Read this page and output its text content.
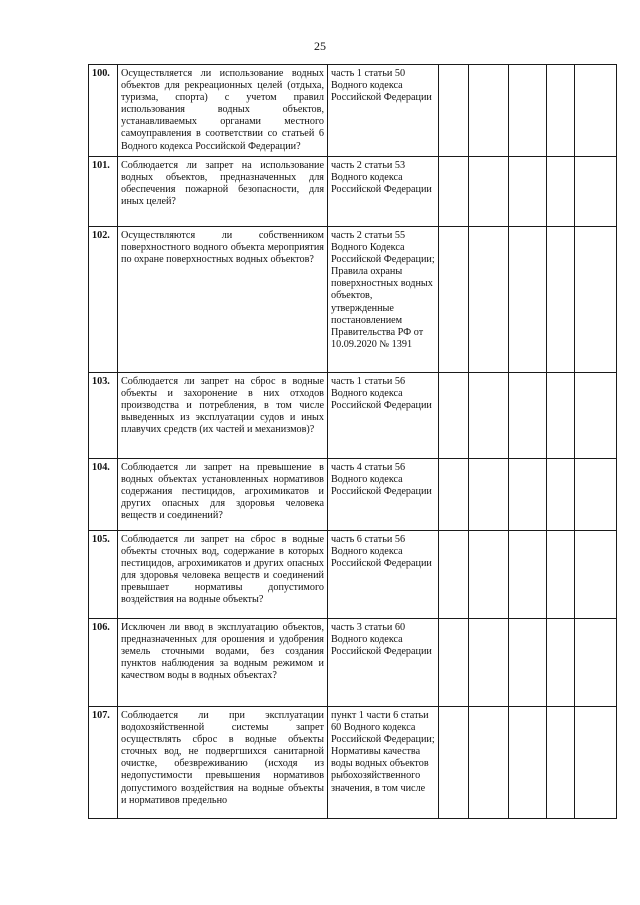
25
100.	Осуществляется ли использование водных объектов для рекреационных целей (отдыха, туризма, спорта) с учетом правил использования водных объектов, устанавливаемых органами местного самоуправления в соответствии со статьей 6 Водного кодекса Российской Федерации?	часть 1 статьи 50 Водного кодекса Российской Федерации					

101.	Соблюдается ли запрет на использование водных объектов, предназначенных для обеспечения пожарной безопасности, для иных целей?	часть 2 статьи 53 Водного кодекса Российской Федерации					

102.	Осуществляются ли собственником поверхностного водного объекта мероприятия по охране поверхностных водных объектов?	часть 2 статьи 55 Водного Кодекса Российской Федерации;
Правила охраны поверхностных водных объектов, утвержденные постановлением Правительства РФ от 10.09.2020 № 1391					

103.	Соблюдается ли запрет на сброс в водные объекты и захоронение в них отходов производства и потребления, в том числе выведенных из эксплуатации судов и иных плавучих средств (их частей и механизмов)?	часть 1 статьи 56 Водного кодекса Российской Федерации					

104.	Соблюдается ли запрет на превышение в водных объектах установленных нормативов содержания пестицидов, агрохимикатов и других опасных для здоровья человека веществ и соединений?	часть 4 статьи 56 Водного кодекса Российской Федерации					

105.	Соблюдается ли запрет на сброс в водные объекты сточных вод, содержание в которых пестицидов, агрохимикатов и других опасных для здоровья человека веществ и соединений превышает нормативы допустимого воздействия на водные объекты?	часть 6 статьи 56 Водного кодекса Российской Федерации					

106.	Исключен ли ввод в эксплуатацию объектов, предназначенных для орошения и удобрения земель сточными водами, без создания пунктов наблюдения за водным режимом и качеством воды в водных объектах?	часть 3 статьи 60 Водного кодекса Российской Федерации					

107.	Соблюдается ли при эксплуатации водохозяйственной системы запрет осуществлять сброс в водные объекты сточных вод, не подвергшихся санитарной очистке, обезвреживанию (исходя из недопустимости превышения нормативов допустимого воздействия на водные объекты и нормативов предельно	пункт 1 части 6 статьи 60 Водного кодекса Российской Федерации;
Нормативы качества воды водных объектов рыбохозяйственного значения, в том числе					
